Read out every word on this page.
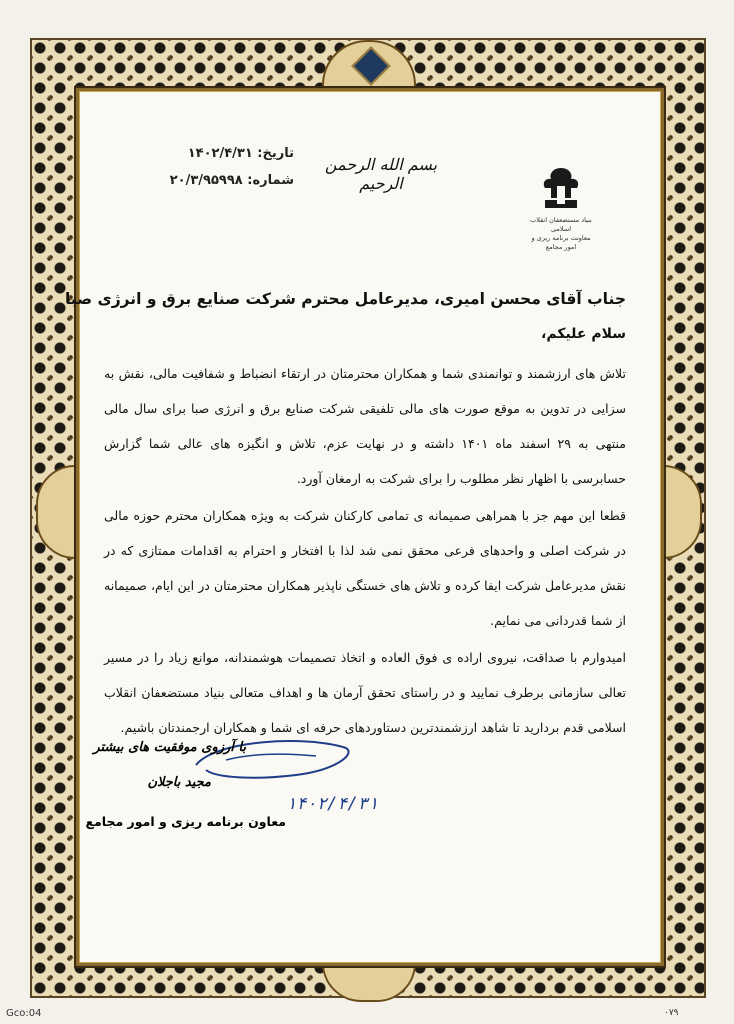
تاریخ: ۱۴۰۲/۴/۳۱
شماره: ۲۰/۳/۹۵۹۹۸
بسم الله الرحمن الرحیم
بنیاد مستضعفان انقلاب اسلامی
معاونت برنامه ریزی و امور مجامع

جناب آقای محسن امیری، مدیرعامل محترم شرکت صنایع برق و انرژی صبا

سلام علیکم،

تلاش های ارزشمند و توانمندی شما و همکاران محترمتان در ارتقاء انضباط و شفافیت مالی، نقش به سزایی در تدوین به موقع صورت های مالی تلفیقی شرکت صنایع برق و انرژی صبا برای سال مالی منتهی به ۲۹ اسفند ماه ۱۴۰۱ داشته و در نهایت عزم، تلاش و انگیزه های عالی شما گزارش حسابرسی با اظهار نظر مطلوب را برای شرکت به ارمغان آورد.

قطعا این مهم جز با همراهی صمیمانه ی تمامی کارکنان شرکت به ویژه همکاران محترم حوزه مالی در شرکت اصلی و واحدهای فرعی محقق نمی شد لذا با افتخار و احترام به اقدامات ممتازی که در نقش مدیرعامل شرکت ایفا کرده و تلاش های خستگی ناپذیر همکاران محترمتان در این ایام، صمیمانه از شما قدردانی می نمایم.

امیدوارم با صداقت، نیروی اراده ی فوق العاده و اتخاذ تصمیمات هوشمندانه، موانع زیاد را در مسیر تعالی سازمانی برطرف نمایید و در راستای تحقق آرمان ها و اهداف متعالی بنیاد مستضعفان انقلاب اسلامی قدم بردارید تا شاهد ارزشمندترین دستاوردهای حرفه ای شما و همکاران ارجمندتان باشیم.

با آرزوی موفقیت های بیشتر
مجید باجلان
۱۴۰۲/۴/۳۱
معاون برنامه ریزی و امور مجامع
Gco:04	۰۷۹
